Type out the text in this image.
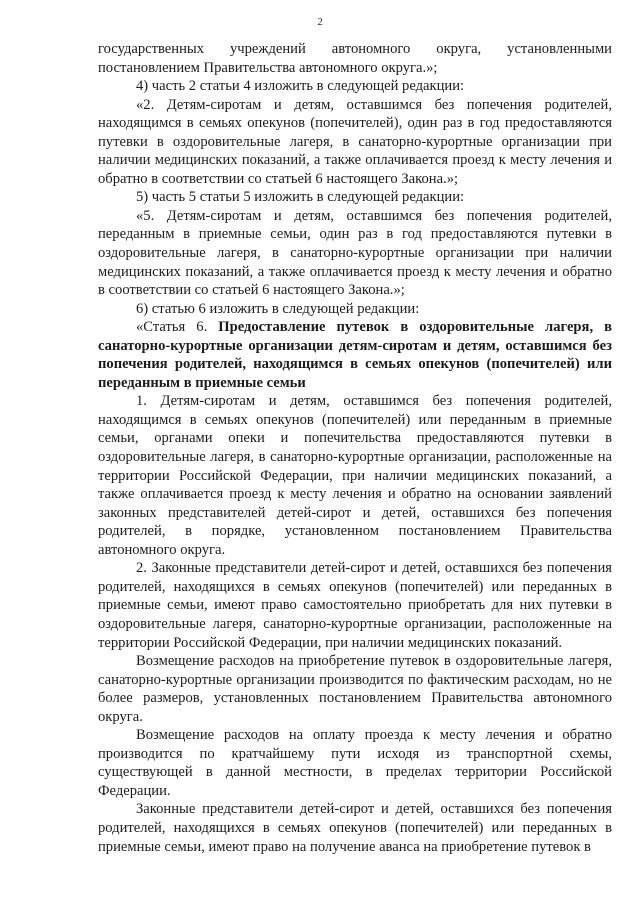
2

государственных учреждений автономного округа, установленными постановлением Правительства автономного округа.»;

4) часть 2 статьи 4 изложить в следующей редакции:

«2. Детям-сиротам и детям, оставшимся без попечения родителей, находящимся в семьях опекунов (попечителей), один раз в год предоставляются путевки в оздоровительные лагеря, в санаторно-курортные организации при наличии медицинских показаний, а также оплачивается проезд к месту лечения и обратно в соответствии со статьей 6 настоящего Закона.»;

5) часть 5 статьи 5 изложить в следующей редакции:

«5. Детям-сиротам и детям, оставшимся без попечения родителей, переданным в приемные семьи, один раз в год предоставляются путевки в оздоровительные лагеря, в санаторно-курортные организации при наличии медицинских показаний, а также оплачивается проезд к месту лечения и обратно в соответствии со статьей 6 настоящего Закона.»;

6) статью 6 изложить в следующей редакции:

«Статья 6. Предоставление путевок в оздоровительные лагеря, в санаторно-курортные организации детям-сиротам и детям, оставшимся без попечения родителей, находящимся в семьях опекунов (попечителей) или переданным в приемные семьи

1. Детям-сиротам и детям, оставшимся без попечения родителей, находящимся в семьях опекунов (попечителей) или переданным в приемные семьи, органами опеки и попечительства предоставляются путевки в оздоровительные лагеря, в санаторно-курортные организации, расположенные на территории Российской Федерации, при наличии медицинских показаний, а также оплачивается проезд к месту лечения и обратно на основании заявлений законных представителей детей-сирот и детей, оставшихся без попечения родителей, в порядке, установленном постановлением Правительства автономного округа.

2. Законные представители детей-сирот и детей, оставшихся без попечения родителей, находящихся в семьях опекунов (попечителей) или переданных в приемные семьи, имеют право самостоятельно приобретать для них путевки в оздоровительные лагеря, санаторно-курортные организации, расположенные на территории Российской Федерации, при наличии медицинских показаний.

Возмещение расходов на приобретение путевок в оздоровительные лагеря, санаторно-курортные организации производится по фактическим расходам, но не более размеров, установленных постановлением Правительства автономного округа.

Возмещение расходов на оплату проезда к месту лечения и обратно производится по кратчайшему пути исходя из транспортной схемы, существующей в данной местности, в пределах территории Российской Федерации.

Законные представители детей-сирот и детей, оставшихся без попечения родителей, находящихся в семьях опекунов (попечителей) или переданных в приемные семьи, имеют право на получение аванса на приобретение путевок в
